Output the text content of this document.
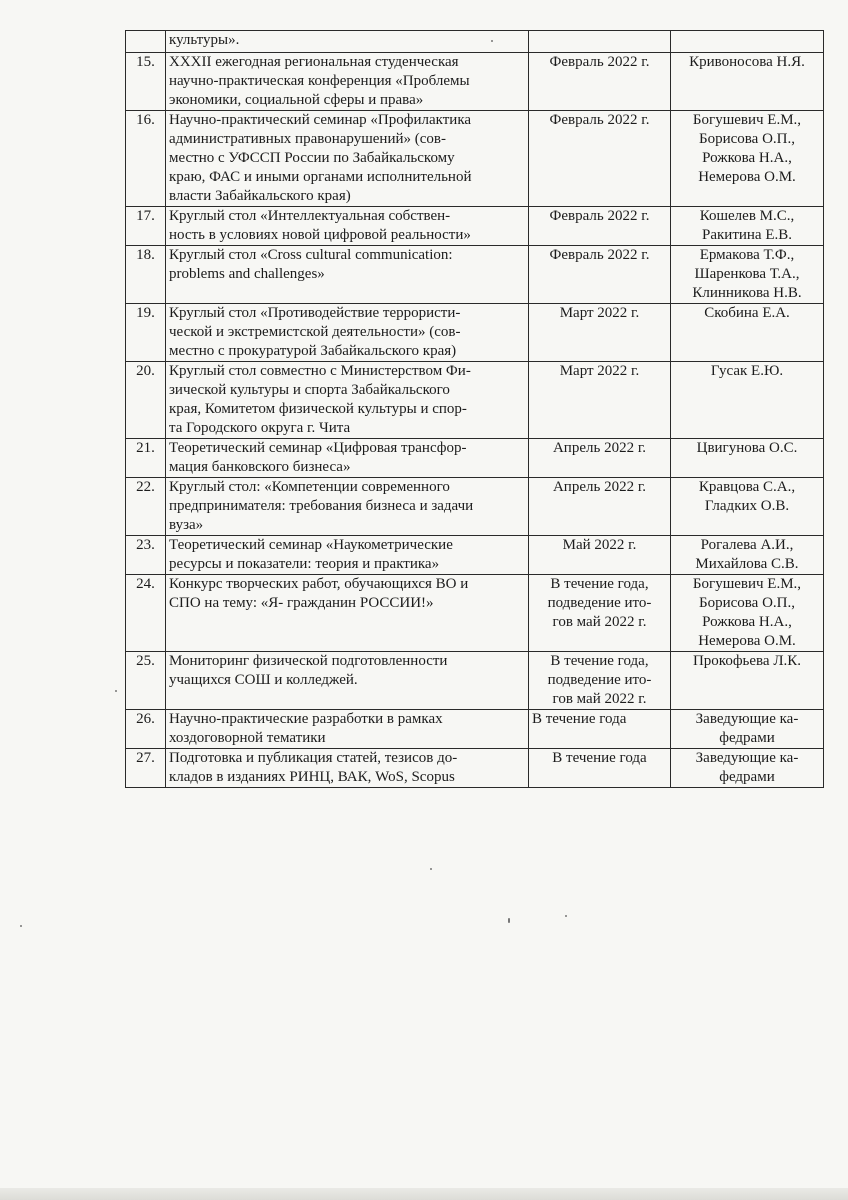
	культуры».		
15.	XXXII ежегодная региональная студенческая
научно-практическая конференция «Проблемы
экономики, социальной сферы и права»	Февраль 2022 г.	Кривоносова Н.Я.
16.	Научно-практический семинар «Профилактика
административных правонарушений» (сов-
местно с УФССП России по Забайкальскому
краю, ФАС и иными органами исполнительной
власти Забайкальского края)	Февраль 2022 г.	Богушевич Е.М.,
Борисова О.П.,
Рожкова Н.А.,
Немерова О.М.
17.	Круглый стол «Интеллектуальная собствен-
ность в условиях новой цифровой реальности»	Февраль 2022 г.	Кошелев М.С.,
Ракитина Е.В.
18.	Круглый стол «Cross cultural communication:
problems and challenges»	Февраль 2022 г.	Ермакова Т.Ф.,
Шаренкова Т.А.,
Клинникова Н.В.
19.	Круглый стол «Противодействие террористи-
ческой и экстремистской деятельности» (сов-
местно с прокуратурой Забайкальского края)	Март 2022 г.	Скобина Е.А.
20.	Круглый стол совместно с Министерством Фи-
зической культуры и спорта Забайкальского
края, Комитетом физической культуры и спор-
та Городского округа г. Чита	Март 2022 г.	Гусак Е.Ю.
21.	Теоретический семинар «Цифровая трансфор-
мация банковского бизнеса»	Апрель 2022 г.	Цвигунова О.С.
22.	Круглый стол: «Компетенции современного
предпринимателя: требования бизнеса и задачи
вуза»	Апрель 2022 г.	Кравцова С.А.,
Гладких О.В.
23.	Теоретический семинар «Наукометрические
ресурсы и показатели: теория и практика»	Май 2022 г.	Рогалева А.И.,
Михайлова С.В.
24.	Конкурс творческих работ, обучающихся ВО и
СПО на тему: «Я- гражданин РОССИИ!»	В течение года,
подведение ито-
гов май 2022 г.	Богушевич Е.М.,
Борисова О.П.,
Рожкова Н.А.,
Немерова О.М.
25.	Мониторинг физической подготовленности
учащихся СОШ и колледжей.	В течение года,
подведение ито-
гов май 2022 г.	Прокофьева Л.К.
26.	Научно-практические разработки в рамках
хоздоговорной тематики	В течение года	Заведующие ка-
федрами
27.	Подготовка и публикация статей, тезисов до-
кладов в изданиях РИНЦ, ВАК, WoS, Scopus	В течение года	Заведующие ка-
федрами
